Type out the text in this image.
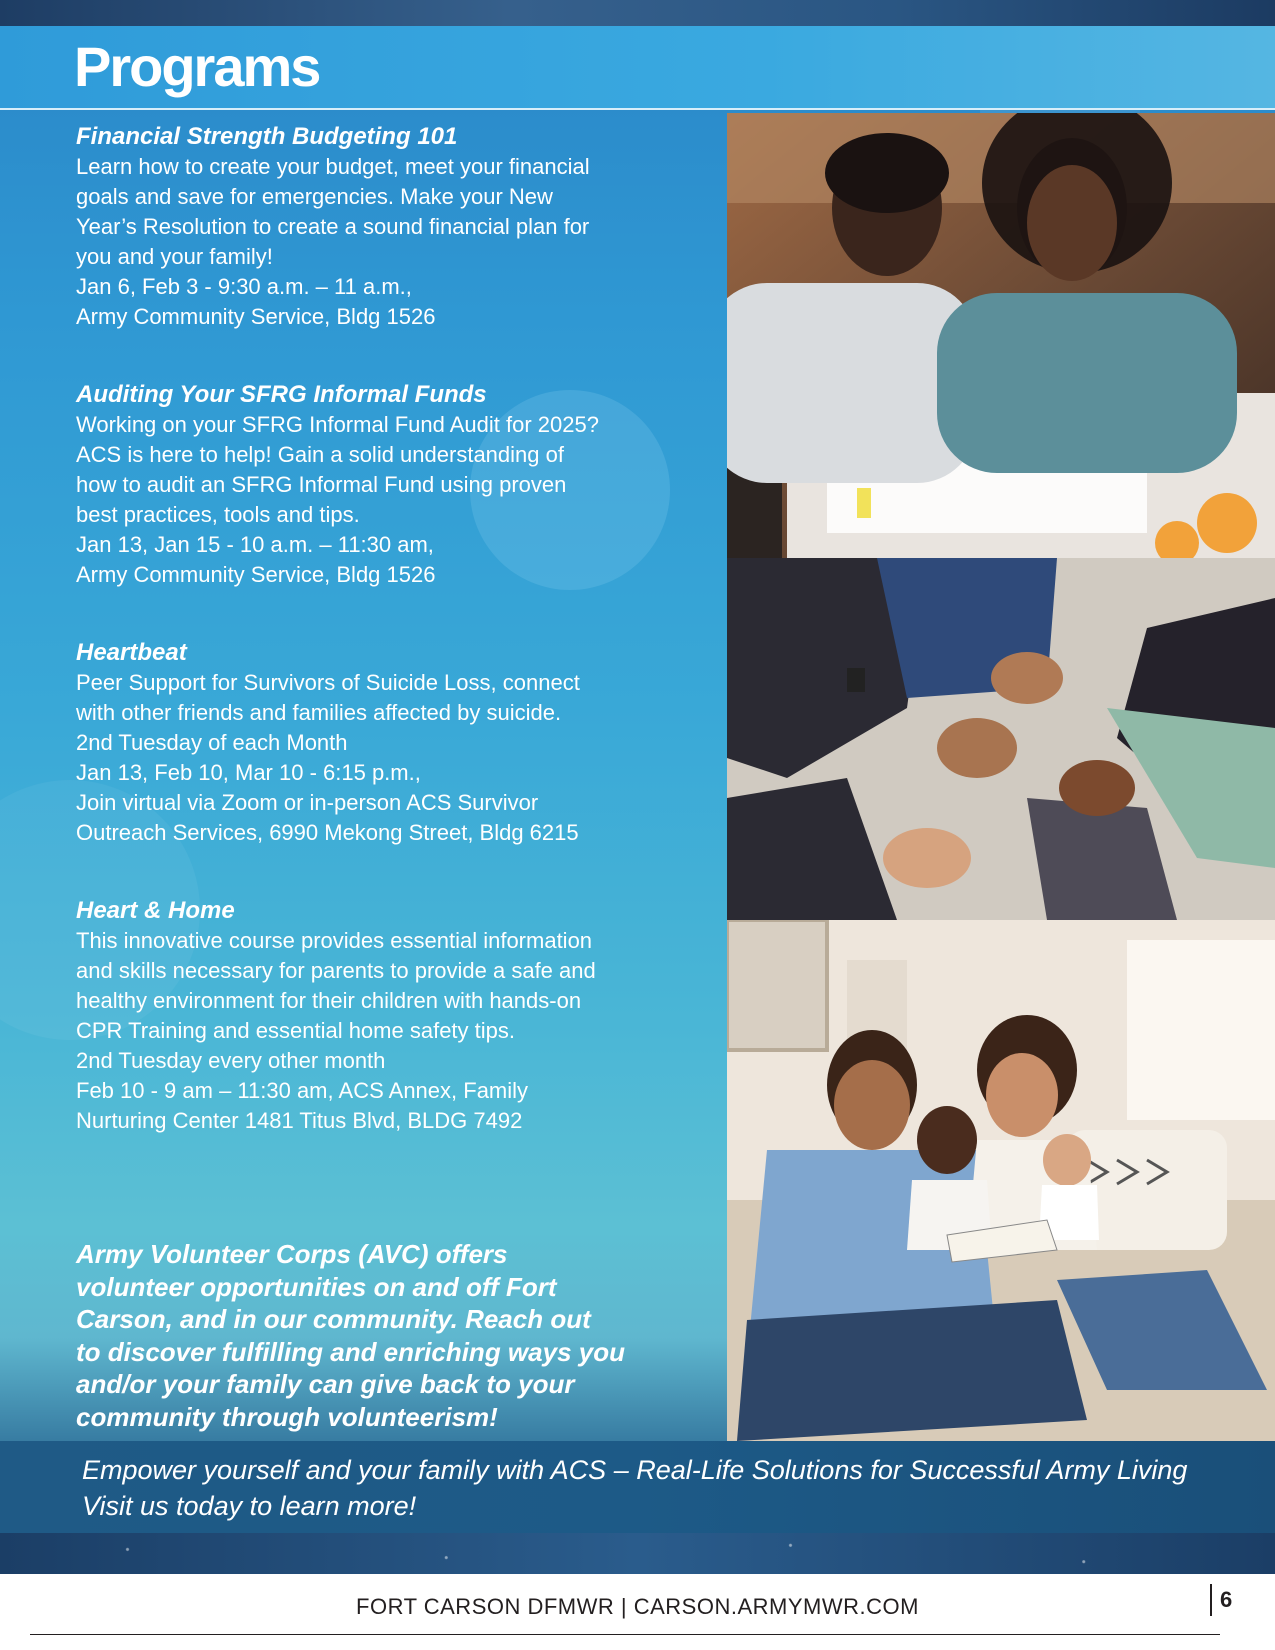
Programs
Financial Strength Budgeting 101

Learn how to create your budget, meet your financial

goals and save for emergencies. Make your New

Year’s Resolution to create a sound financial plan for

you and your family!

Jan 6, Feb 3 - 9:30 a.m. – 11 a.m.,

Army Community Service, Bldg 1526

Auditing Your SFRG Informal Funds

Working on your SFRG Informal Fund Audit for 2025?

ACS is here to help! Gain a solid understanding of

how to audit an SFRG Informal Fund using proven

best practices, tools and tips.

Jan 13, Jan 15 - 10 a.m. – 11:30 am,

Army Community Service, Bldg 1526

Heartbeat

Peer Support for Survivors of Suicide Loss, connect

with other friends and families affected by suicide.

2nd Tuesday of each Month

Jan 13, Feb 10, Mar 10 - 6:15 p.m.,

Join virtual via Zoom or in-person ACS Survivor

Outreach Services, 6990 Mekong Street, Bldg 6215

Heart & Home

This innovative course provides essential information

and skills necessary for parents to provide a safe and

healthy environment for their children with hands-on

CPR Training and essential home safety tips.

2nd Tuesday every other month

Feb 10 - 9 am – 11:30 am, ACS Annex, Family

Nurturing Center 1481 Titus Blvd, BLDG 7492

Army Volunteer Corps (AVC) offers
volunteer opportunities on and off Fort
Carson, and in our community. Reach out
to discover fulfilling and enriching ways you
and/or your family can give back to your
community through volunteerism!

Empower yourself and your family with ACS – Real-Life Solutions for Successful Army Living

Visit us today to learn more!

FORT CARSON DFMWR | CARSON.ARMYMWR.COM	6
